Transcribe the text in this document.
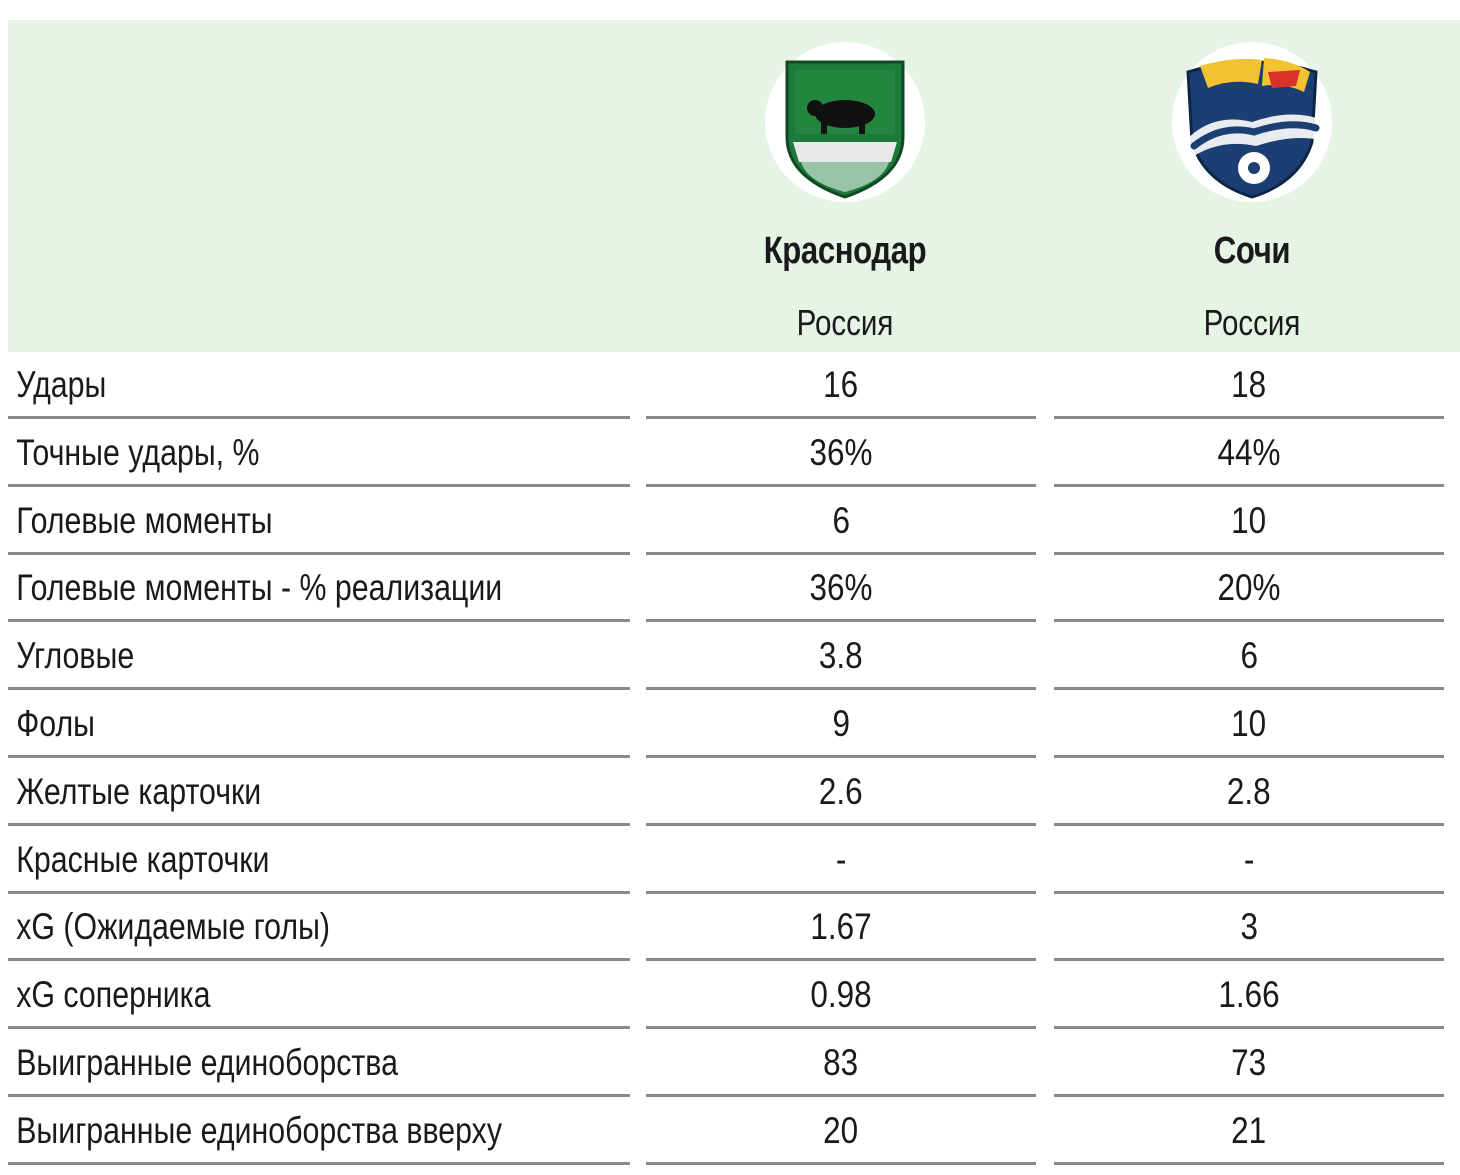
Краснодар
Россия
Сочи
Россия
Удары	16	18
Точные удары, %	36%	44%
Голевые моменты	6	10
Голевые моменты - % реализации	36%	20%
Угловые	3.8	6
Фолы	9	10
Желтые карточки	2.6	2.8
Красные карточки	-	-
xG (Ожидаемые голы)	1.67	3
xG соперника	0.98	1.66
Выигранные единоборства	83	73
Выигранные единоборства вверху	20	21
